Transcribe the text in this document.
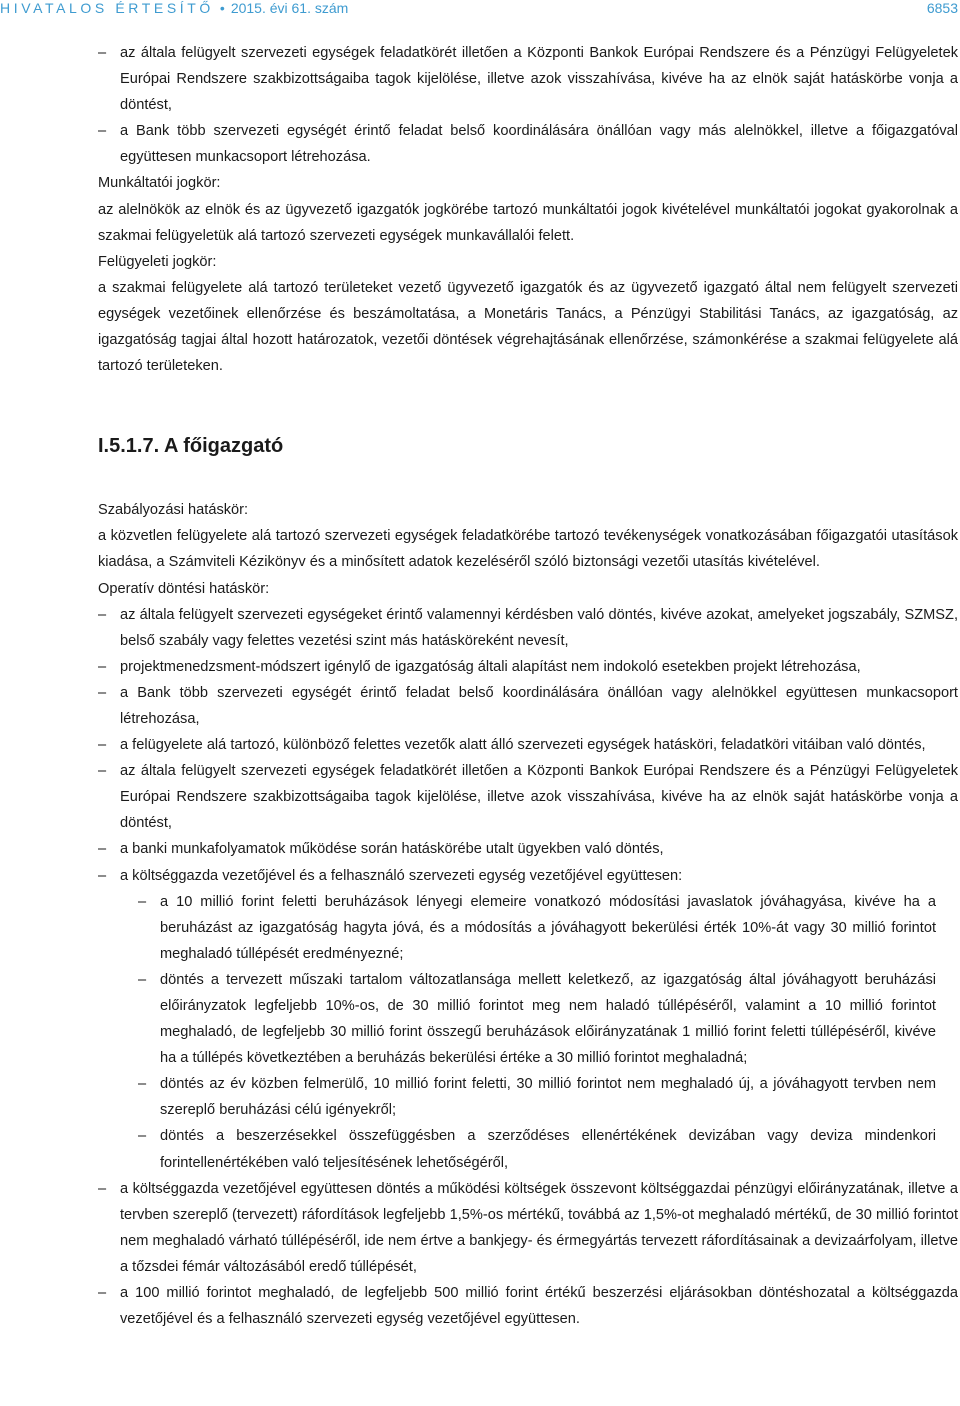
HIVATALOS ÉRTESÍTŐ • 2015. évi 61. szám	6853
– az általa felügyelt szervezeti egységek feladatkörét illetően a Központi Bankok Európai Rendszere és a Pénzügyi Felügyeletek Európai Rendszere szakbizottságaiba tagok kijelölése, illetve azok visszahívása, kivéve ha az elnök saját hatáskörbe vonja a döntést,
– a Bank több szervezeti egységét érintő feladat belső koordinálására önállóan vagy más alelnökkel, illetve a főigazgatóval együttesen munkacsoport létrehozása.

Munkáltatói jogkör:

az alelnökök az elnök és az ügyvezető igazgatók jogkörébe tartozó munkáltatói jogok kivételével munkáltatói jogokat gyakorolnak a szakmai felügyeletük alá tartozó szervezeti egységek munkavállalói felett.

Felügyeleti jogkör:

a szakmai felügyelete alá tartozó területeket vezető ügyvezető igazgatók és az ügyvezető igazgató által nem felügyelt szervezeti egységek vezetőinek ellenőrzése és beszámoltatása, a Monetáris Tanács, a Pénzügyi Stabilitási Tanács, az igazgatóság, az igazgatóság tagjai által hozott határozatok, vezetői döntések végrehajtásának ellenőrzése, számonkérése a szakmai felügyelete alá tartozó területeken.

I.5.1.7. A főigazgató

Szabályozási hatáskör:

a közvetlen felügyelete alá tartozó szervezeti egységek feladatkörébe tartozó tevékenységek vonatkozásában főigazgatói utasítások kiadása, a Számviteli Kézikönyv és a minősített adatok kezeléséről szóló biztonsági vezetői utasítás kivételével.

Operatív döntési hatáskör:

– az általa felügyelt szervezeti egységeket érintő valamennyi kérdésben való döntés, kivéve azokat, amelyeket jogszabály, SZMSZ, belső szabály vagy felettes vezetési szint más hatásköreként nevesít,
– projektmenedzsment-módszert igénylő de igazgatóság általi alapítást nem indokoló esetekben projekt létrehozása,
– a Bank több szervezeti egységét érintő feladat belső koordinálására önállóan vagy alelnökkel együttesen munkacsoport létrehozása,
– a felügyelete alá tartozó, különböző felettes vezetők alatt álló szervezeti egységek hatásköri, feladatköri vitáiban való döntés,
– az általa felügyelt szervezeti egységek feladatkörét illetően a Központi Bankok Európai Rendszere és a Pénzügyi Felügyeletek Európai Rendszere szakbizottságaiba tagok kijelölése, illetve azok visszahívása, kivéve ha az elnök saját hatáskörbe vonja a döntést,
– a banki munkafolyamatok működése során hatáskörébe utalt ügyekben való döntés,
– a költséggazda vezetőjével és a felhasználó szervezeti egység vezetőjével együttesen:
– a 10 millió forint feletti beruházások lényegi elemeire vonatkozó módosítási javaslatok jóváhagyása, kivéve ha a beruházást az igazgatóság hagyta jóvá, és a módosítás a jóváhagyott bekerülési érték 10%-át vagy 30 millió forintot meghaladó túllépését eredményezné;
– döntés a tervezett műszaki tartalom változatlansága mellett keletkező, az igazgatóság által jóváhagyott beruházási előirányzatok legfeljebb 10%-os, de 30 millió forintot meg nem haladó túllépéséről, valamint a 10 millió forintot meghaladó, de legfeljebb 30 millió forint összegű beruházások előirányzatának 1 millió forint feletti túllépéséről, kivéve ha a túllépés következtében a beruházás bekerülési értéke a 30 millió forintot meghaladná;
– döntés az év közben felmerülő, 10 millió forint feletti, 30 millió forintot nem meghaladó új, a jóváhagyott tervben nem szereplő beruházási célú igényekről;
– döntés a beszerzésekkel összefüggésben a szerződéses ellenértékének devizában vagy deviza mindenkori forintellenértékében való teljesítésének lehetőségéről,
– a költséggazda vezetőjével együttesen döntés a működési költségek összevont költséggazdai pénzügyi előirányzatának, illetve a tervben szereplő (tervezett) ráfordítások legfeljebb 1,5%-os mértékű, továbbá az 1,5%-ot meghaladó mértékű, de 30 millió forintot nem meghaladó várható túllépéséről, ide nem értve a bankjegy- és érmegyártás tervezett ráfordításainak a devizaárfolyam, illetve a tőzsdei fémár változásából eredő túllépését,
– a 100 millió forintot meghaladó, de legfeljebb 500 millió forint értékű beszerzési eljárásokban döntéshozatal a költséggazda vezetőjével és a felhasználó szervezeti egység vezetőjével együttesen.
